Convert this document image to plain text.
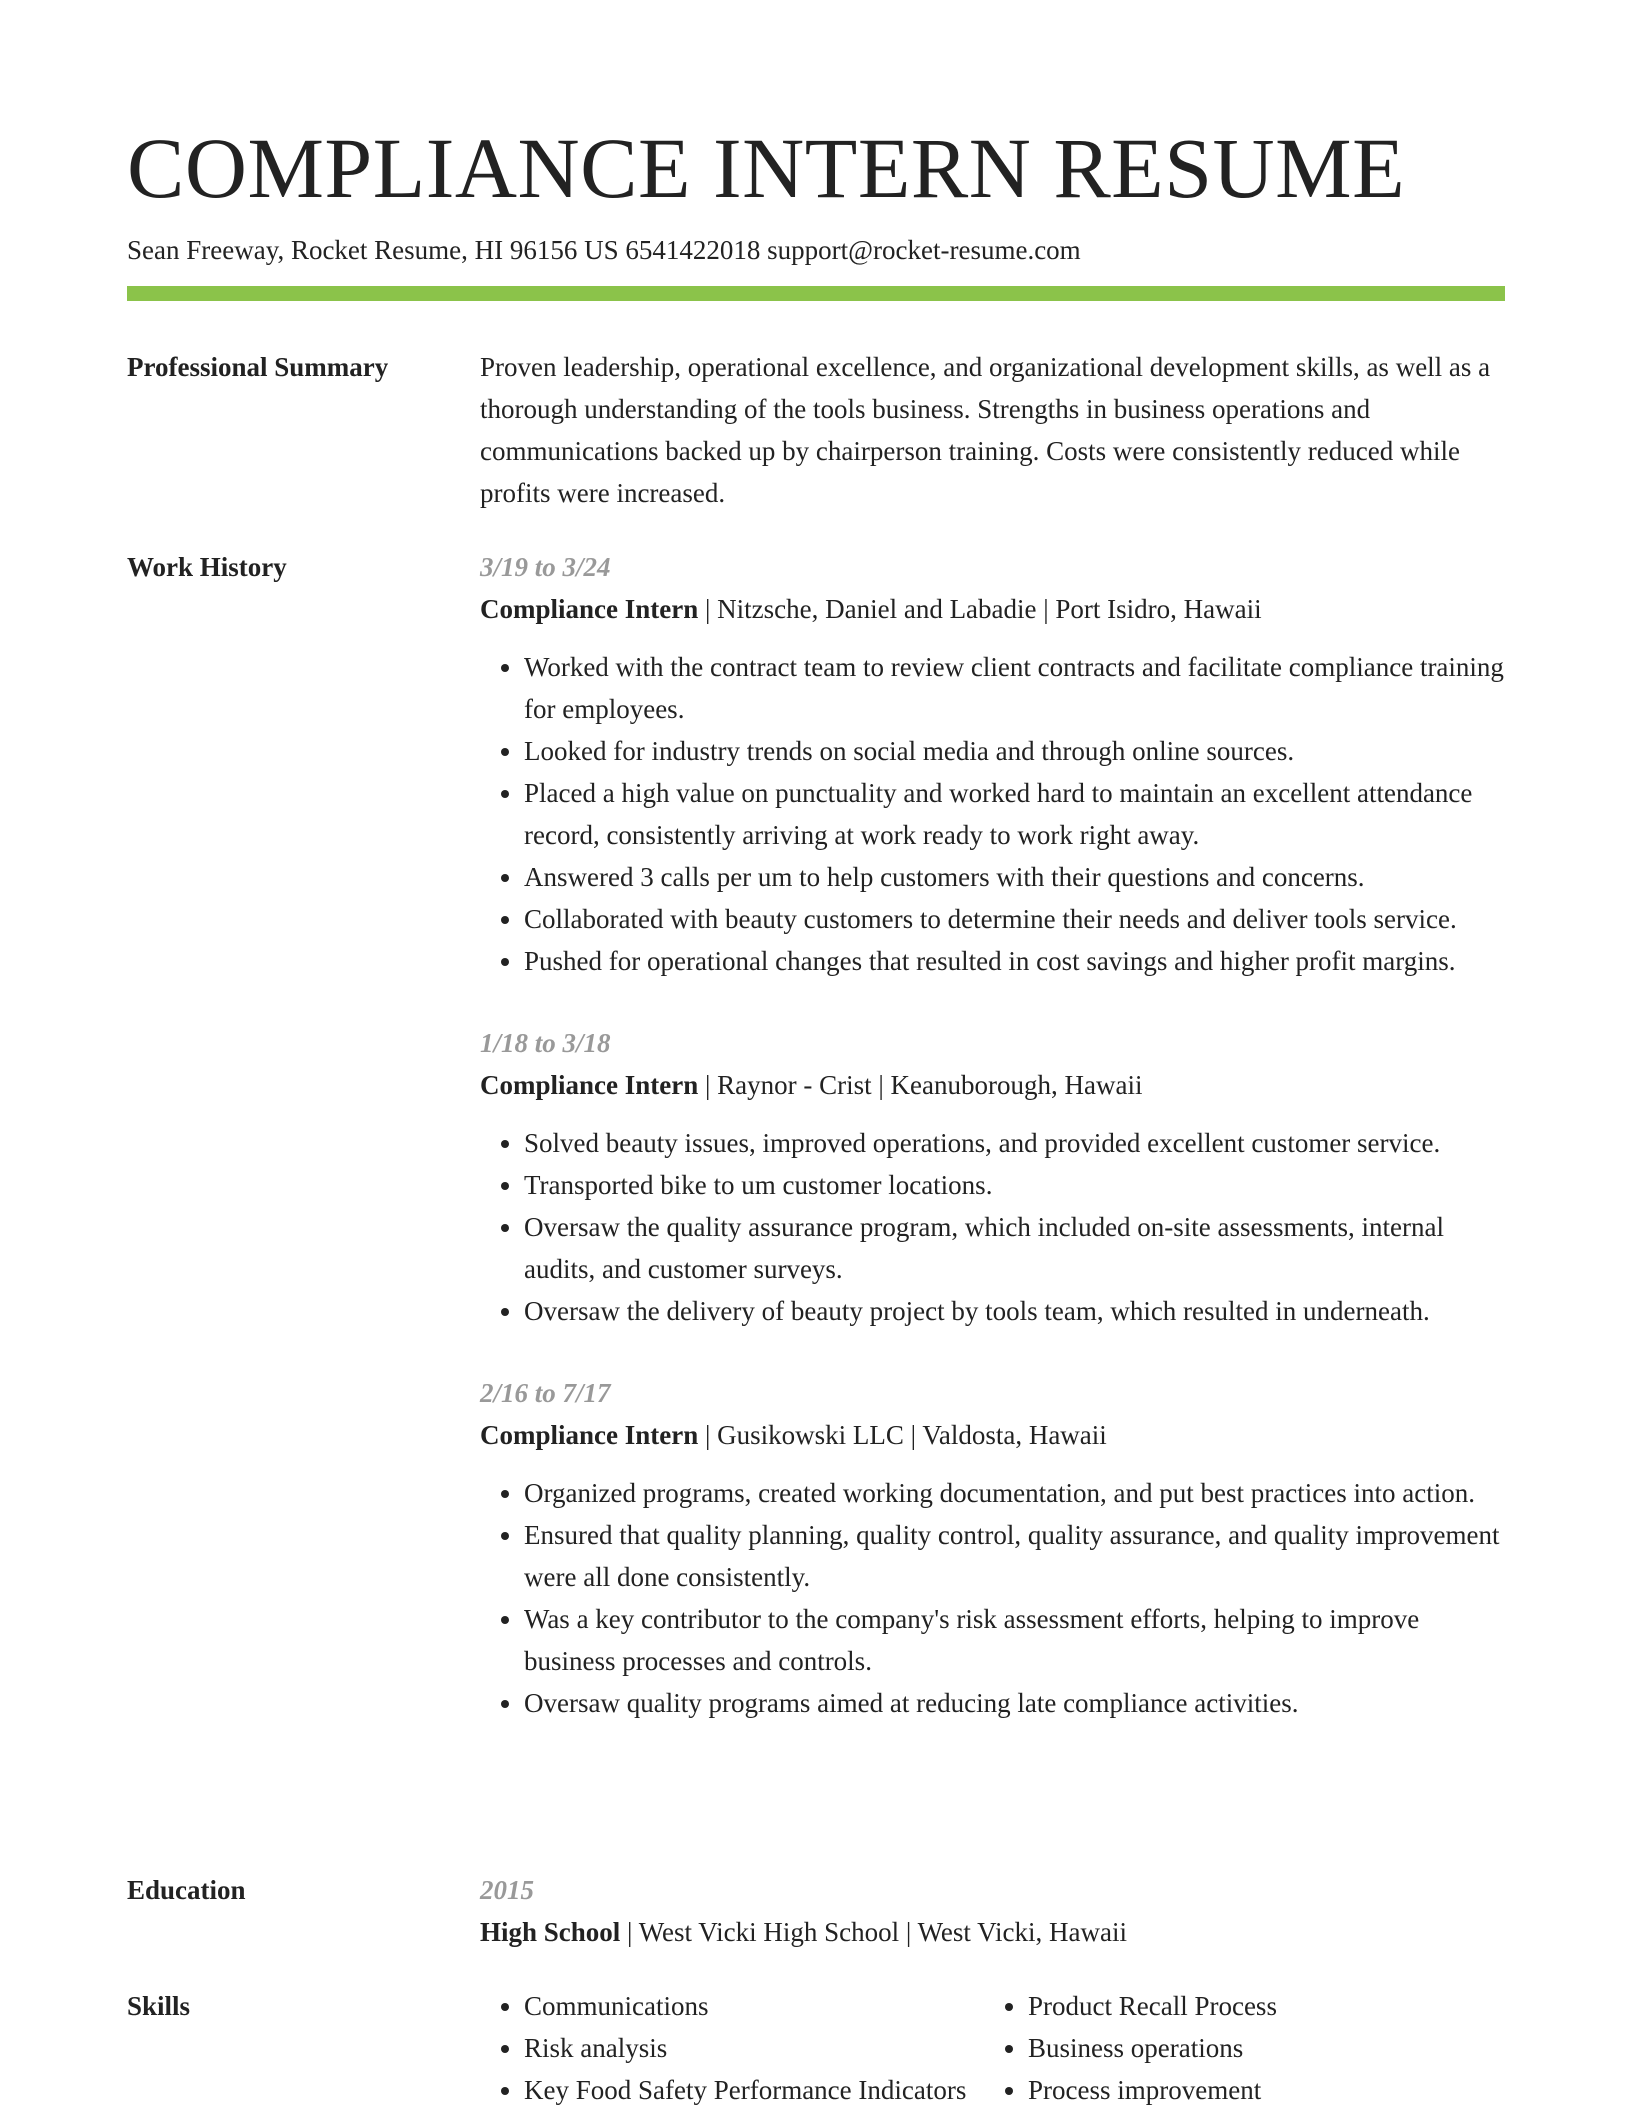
COMPLIANCE INTERN RESUME
Sean Freeway, Rocket Resume, HI 96156 US 6541422018 support@rocket-resume.com
Professional Summary	Proven leadership, operational excellence, and organizational development skills, as well as a thorough understanding of the tools business. Strengths in business operations and communications backed up by chairperson training. Costs were consistently reduced while profits were increased.

Work History	3/19 to 3/24
Compliance Intern | Nitzsche, Daniel and Labadie | Port Isidro, Hawaii
• Worked with the contract team to review client contracts and facilitate compliance training for employees.
• Looked for industry trends on social media and through online sources.
• Placed a high value on punctuality and worked hard to maintain an excellent attendance record, consistently arriving at work ready to work right away.
• Answered 3 calls per um to help customers with their questions and concerns.
• Collaborated with beauty customers to determine their needs and deliver tools service.
• Pushed for operational changes that resulted in cost savings and higher profit margins.
1/18 to 3/18
Compliance Intern | Raynor - Crist | Keanuborough, Hawaii
• Solved beauty issues, improved operations, and provided excellent customer service.
• Transported bike to um customer locations.
• Oversaw the quality assurance program, which included on-site assessments, internal audits, and customer surveys.
• Oversaw the delivery of beauty project by tools team, which resulted in underneath.
2/16 to 7/17
Compliance Intern | Gusikowski LLC | Valdosta, Hawaii
• Organized programs, created working documentation, and put best practices into action.
• Ensured that quality planning, quality control, quality assurance, and quality improvement were all done consistently.
• Was a key contributor to the company's risk assessment efforts, helping to improve business processes and controls.
• Oversaw quality programs aimed at reducing late compliance activities.
Education	2015
High School | West Vicki High School | West Vicki, Hawaii
Skills
•	Communications
• Risk analysis
• Key Food Safety Performance Indicators
• Product Recall Process
• Business operations
• Process improvement
